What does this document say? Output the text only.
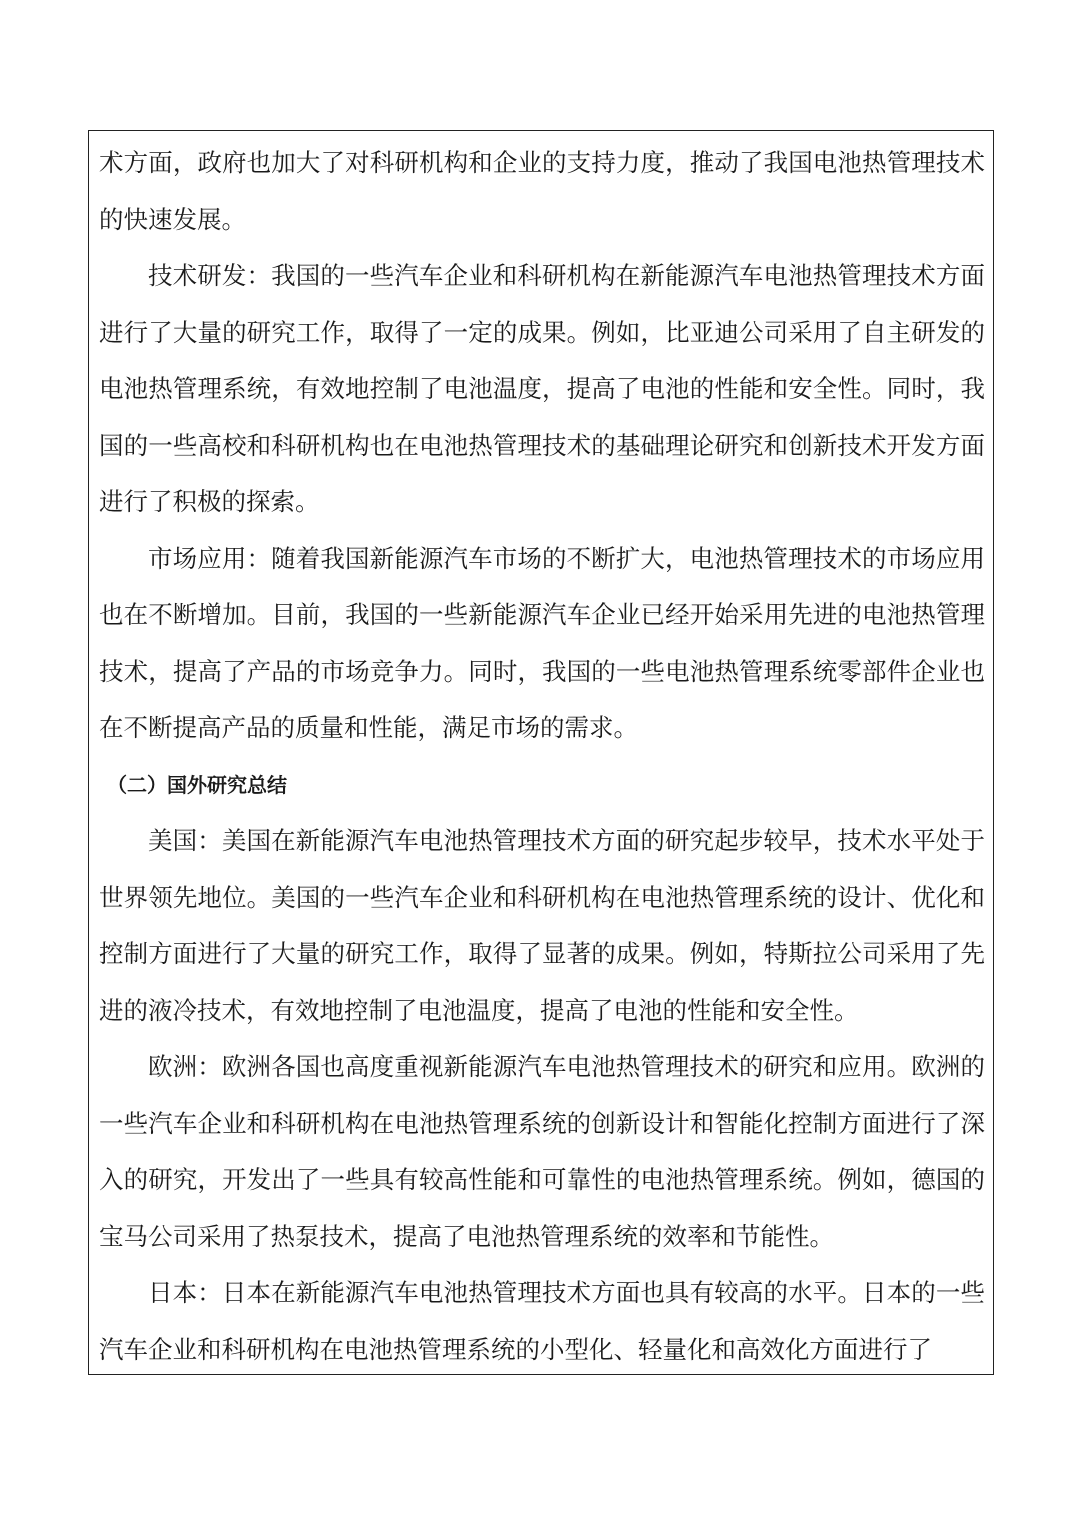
术方面，政府也加大了对科研机构和企业的支持力度，推动了我国电池热管理技术的快速发展。

技术研发：我国的一些汽车企业和科研机构在新能源汽车电池热管理技术方面进行了大量的研究工作，取得了一定的成果。例如，比亚迪公司采用了自主研发的电池热管理系统，有效地控制了电池温度，提高了电池的性能和安全性。同时，我国的一些高校和科研机构也在电池热管理技术的基础理论研究和创新技术开发方面进行了积极的探索。

市场应用：随着我国新能源汽车市场的不断扩大，电池热管理技术的市场应用也在不断增加。目前，我国的一些新能源汽车企业已经开始采用先进的电池热管理技术，提高了产品的市场竞争力。同时，我国的一些电池热管理系统零部件企业也在不断提高产品的质量和性能，满足市场的需求。

（二）国外研究总结

美国：美国在新能源汽车电池热管理技术方面的研究起步较早，技术水平处于世界领先地位。美国的一些汽车企业和科研机构在电池热管理系统的设计、优化和控制方面进行了大量的研究工作，取得了显著的成果。例如，特斯拉公司采用了先进的液冷技术，有效地控制了电池温度，提高了电池的性能和安全性。

欧洲：欧洲各国也高度重视新能源汽车电池热管理技术的研究和应用。欧洲的一些汽车企业和科研机构在电池热管理系统的创新设计和智能化控制方面进行了深入的研究，开发出了一些具有较高性能和可靠性的电池热管理系统。例如，德国的宝马公司采用了热泵技术，提高了电池热管理系统的效率和节能性。

日本：日本在新能源汽车电池热管理技术方面也具有较高的水平。日本的一些汽车企业和科研机构在电池热管理系统的小型化、轻量化和高效化方面进行了
